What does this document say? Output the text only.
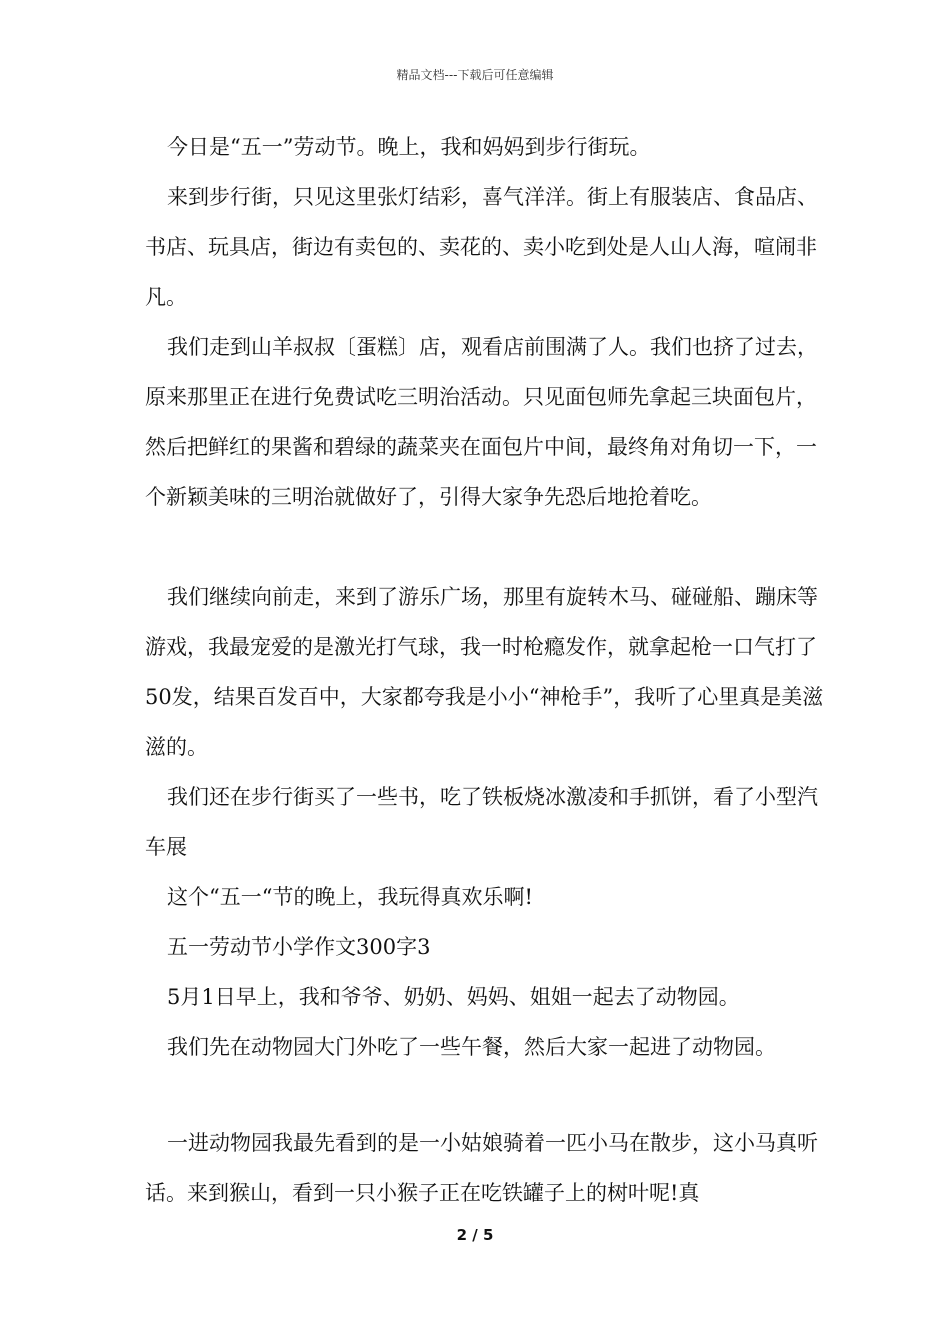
精品文档---下载后可任意编辑

今日是“五一”劳动节。晚上，我和妈妈到步行街玩。

来到步行街，只见这里张灯结彩，喜气洋洋。街上有服装店、食品店、书店、玩具店，街边有卖包的、卖花的、卖小吃到处是人山人海，喧闹非凡。

我们走到山羊叔叔〔蛋糕〕店，观看店前围满了人。我们也挤了过去，原来那里正在进行免费试吃三明治活动。只见面包师先拿起三块面包片，然后把鲜红的果酱和碧绿的蔬菜夹在面包片中间，最终角对角切一下，一个新颖美味的三明治就做好了，引得大家争先恐后地抢着吃。

我们继续向前走，来到了游乐广场，那里有旋转木马、碰碰船、蹦床等游戏，我最宠爱的是激光打气球，我一时枪瘾发作，就拿起枪一口气打了50发，结果百发百中，大家都夸我是小小“神枪手”，我听了心里真是美滋滋的。

我们还在步行街买了一些书，吃了铁板烧冰激凌和手抓饼，看了小型汽车展

这个“五一“节的晚上，我玩得真欢乐啊!

五一劳动节小学作文300字3

5月1日早上，我和爷爷、奶奶、妈妈、姐姐一起去了动物园。

我们先在动物园大门外吃了一些午餐，然后大家一起进了动物园。

一进动物园我最先看到的是一小姑娘骑着一匹小马在散步，这小马真听话。来到猴山，看到一只小猴子正在吃铁罐子上的树叶呢!真

2 / 5
